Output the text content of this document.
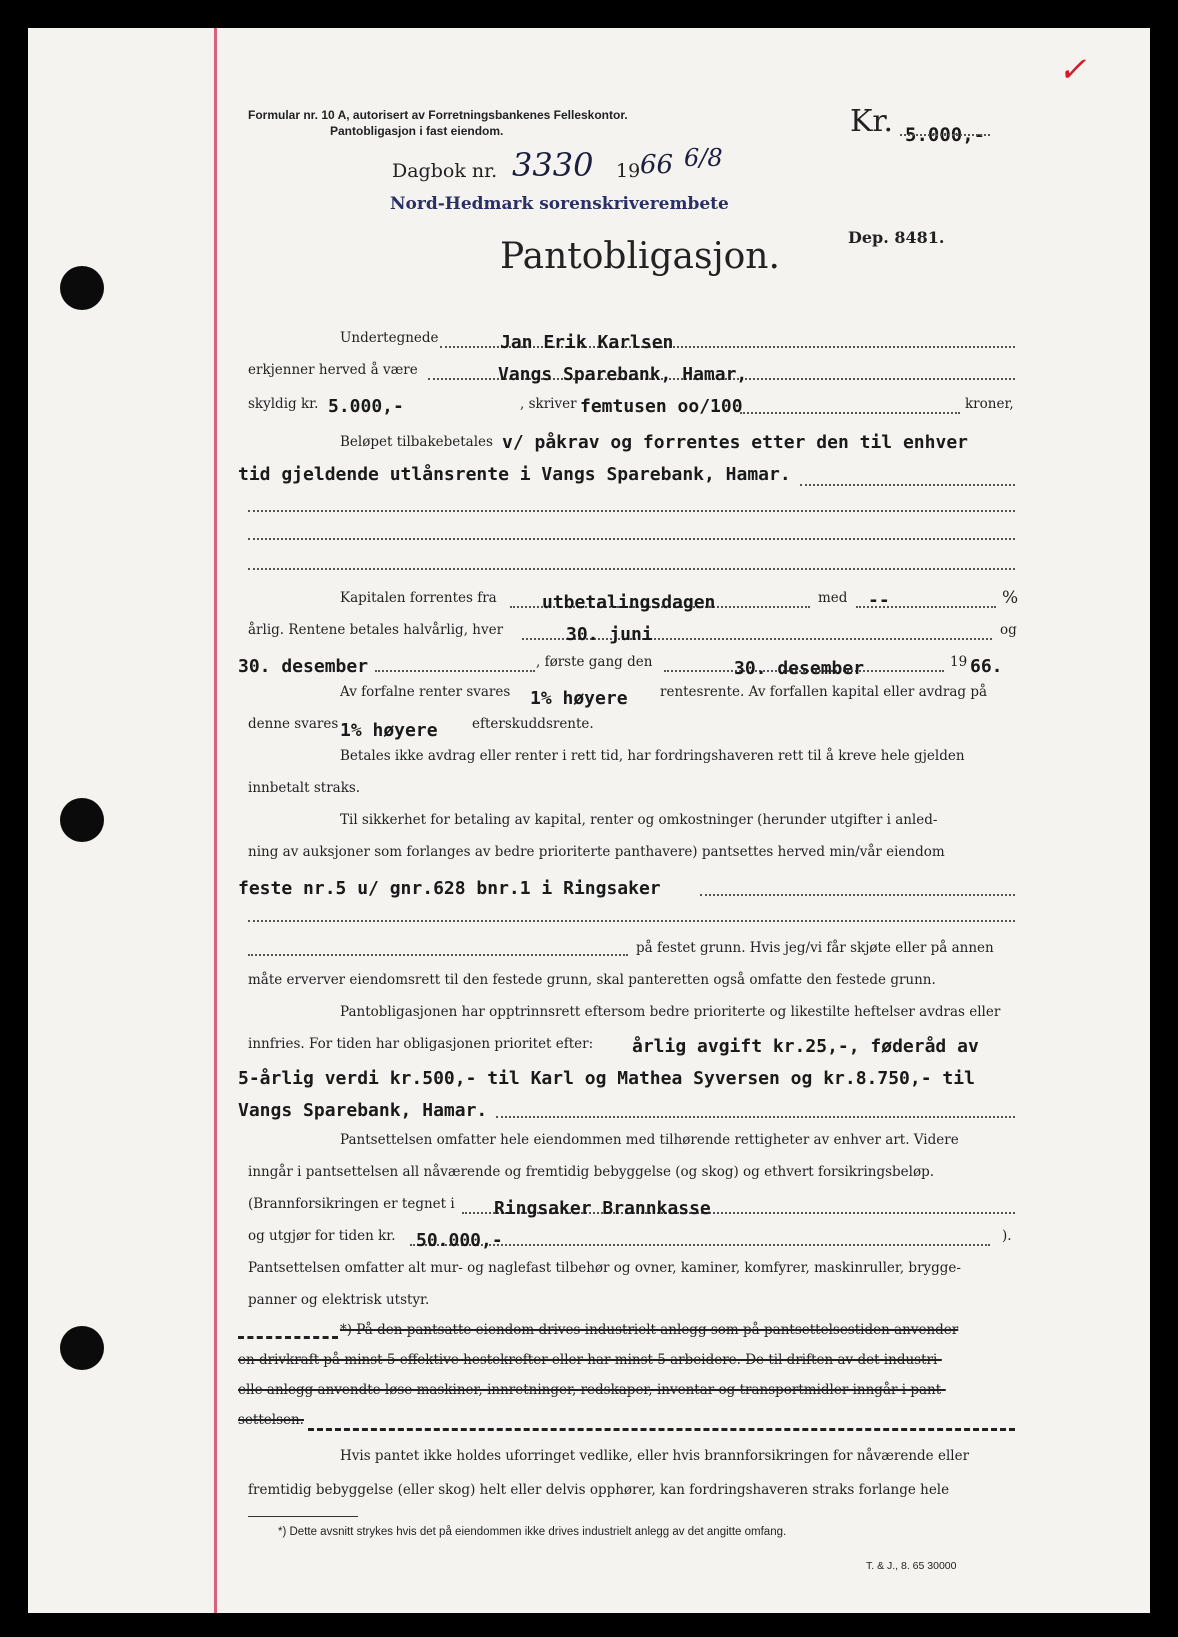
Formular nr. 10 A, autorisert av Forretningsbankenes Felleskontor.
Pantobligasjon i fast eiendom.	Kr. 5.000,-
✓
Dagbok nr. 3330 19 66 6/8
Nord-Hedmark sorenskriverembete
Dep. 8481.
Pantobligasjon.
Undertegnede	Jan Erik Karlsen
erkjenner herved å være	Vangs Sparebank, Hamar,
skyldig kr. 5.000,-	, skriver femtusen oo/100	kroner,
Beløpet tilbakebetales v/ påkrav og forrentes etter den til enhver
tid gjeldende utlånsrente i Vangs Sparebank, Hamar.
Kapitalen forrentes fra	utbetalingsdagen	med --	%
årlig. Rentene betales halvårlig, hver	30. juni	og
30. desember	, første gang den	30. desember	19 66.
Av forfalne renter svares 1% høyere rentesrente. Av forfallen kapital eller avdrag på
denne svares 1% høyere	efterskuddsrente.
Betales ikke avdrag eller renter i rett tid, har fordringshaveren rett til å kreve hele gjelden
innbetalt straks.
Til sikkerhet for betaling av kapital, renter og omkostninger (herunder utgifter i anled-
ning av auksjoner som forlanges av bedre prioriterte panthavere) pantsettes herved min/vår eiendom
feste nr.5 u/ gnr.628 bnr.1 i Ringsaker
på festet grunn. Hvis jeg/vi får skjøte eller på annen
måte erverver eiendomsrett til den festede grunn, skal panteretten også omfatte den festede grunn.
Pantobligasjonen har opptrinnsrett eftersom bedre prioriterte og likestilte heftelser avdras eller
innfries. For tiden har obligasjonen prioritet efter: årlig avgift kr.25,-, føderåd av
5-årlig verdi kr.500,- til Karl og Mathea Syversen og kr.8.750,- til
Vangs Sparebank, Hamar.
Pantsettelsen omfatter hele eiendommen med tilhørende rettigheter av enhver art. Videre
inngår i pantsettelsen all nåværende og fremtidig bebyggelse (og skog) og ethvert forsikringsbeløp.
(Brannforsikringen er tegnet i Ringsaker Brannkasse
og utgjør for tiden kr. 50.000,-	).
Pantsettelsen omfatter alt mur- og naglefast tilbehør og ovner, kaminer, komfyrer, maskinruller, brygge-
panner og elektrisk utstyr.
*) På den pantsatte eiendom drives industrielt anlegg som på pantsettelsestiden anvender
en drivkraft på minst 5 effektive hestekrefter eller har minst 5 arbeidere. De til driften av det industri-
elle anlegg anvendte løse maskiner, innretninger, redskaper, inventar og transportmidler inngår i pant-
settelsen.
Hvis pantet ikke holdes uforringet vedlike, eller hvis brannforsikringen for nåværende eller
fremtidig bebyggelse (eller skog) helt eller delvis opphører, kan fordringshaveren straks forlange hele
*) Dette avsnitt strykes hvis det på eiendommen ikke drives industrielt anlegg av det angitte omfang.
T. & J., 8. 65 30000
